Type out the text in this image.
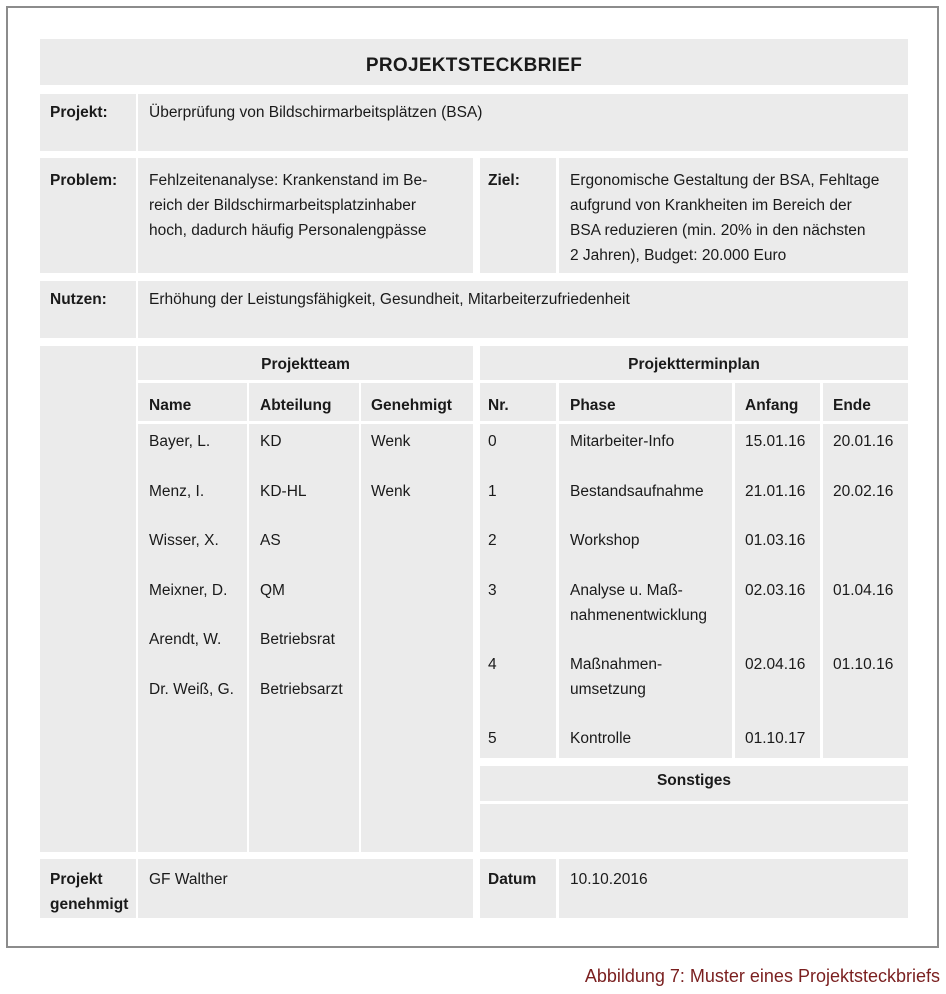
PROJEKTSTECKBRIEF
Projekt:	Überprüfung von Bildschirmarbeitsplätzen (BSA)
Problem: Fehlzeitenanalyse: Krankenstand im Be-
reich der Bildschirmarbeitsplatzinhaber
hoch, dadurch häufig Personalengpässe
Ziel:	Ergonomische Gestaltung der BSA, Fehltage
aufgrund von Krankheiten im Bereich der
BSA reduzieren (min. 20% in den nächsten
2 Jahren), Budget: 20.000 Euro
Nutzen:	Erhöhung der Leistungsfähigkeit, Gesundheit, Mitarbeiterzufriedenheit
Projektteam
Name	Abteilung	Genehmigt
Bayer, L.	KD	Wenk
Menz, I.	KD-HL	Wenk
Wisser, X.	AS
Meixner, D. QM
Arendt, W. Betriebsrat
Dr. Weiß, G. Betriebsarzt
Projektterminplan
Nr.	Phase	Anfang Ende
0	Mitarbeiter-Info	15.01.16 20.01.16
1	Bestandsaufnahme	21.01.16 20.02.16
2	Workshop	01.03.16
3	Analyse u. Maß-
nahmenentwicklung
02.03.16 01.04.16
4	Maßnahmen-
umsetzung
02.04.16 01.10.16
5	Kontrolle	01.10.17
Sonstiges
Projekt
genehmigt
GF Walther	Datum 10.10.2016
Abbildung 7: Muster eines Projektsteckbriefs
